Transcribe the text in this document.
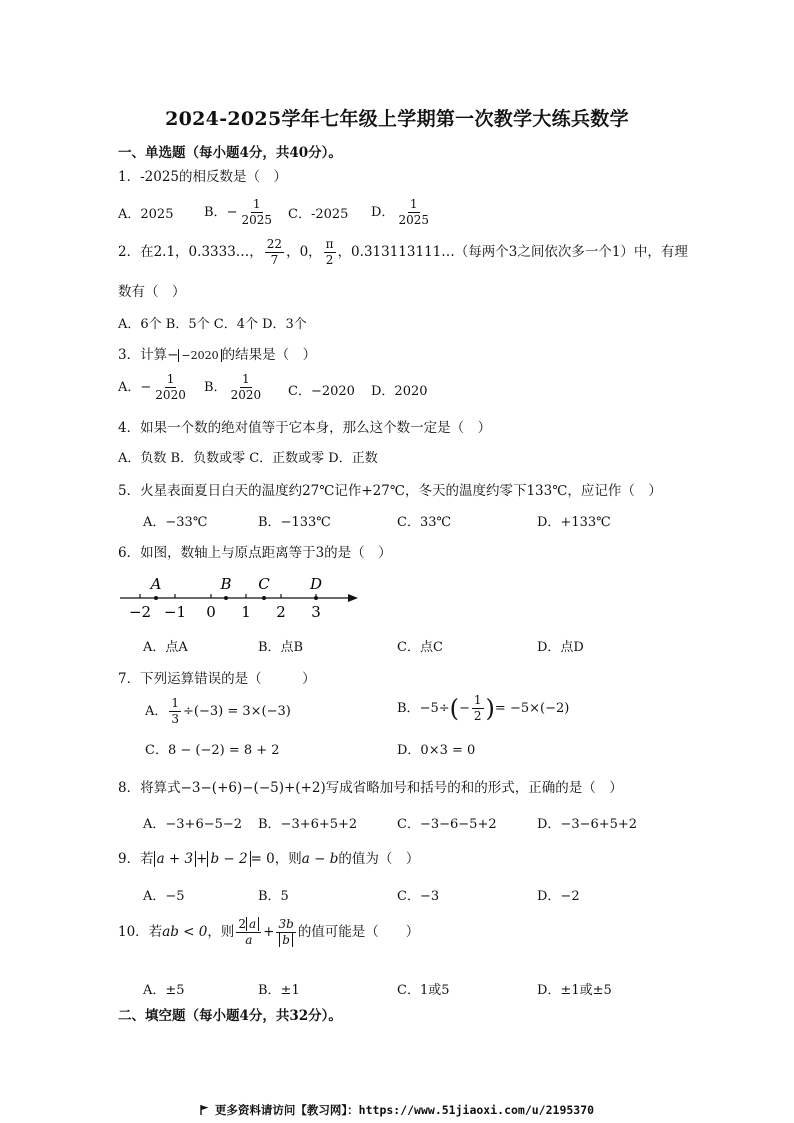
2024-2025学年七年级上学期第一次教学大练兵数学
一、单选题（每小题4分，共40分）。
1．-2025的相反数是（　）
A．2025 B．− $\frac{1}{2025}$ C．-2025 D． $\frac{1}{2025}$
2．在2.1，0.3333…， $\frac{22}{7}$ ，0， $\frac{\pi}{2}$ ，0.313113111…（每两个3之间依次多一个1）中，有理
数有（　）
A．6个 B．5个 C．4个 D．3个
3．计算− −2020 的结果是（　）
A．− $\frac{1}{2020}$ B． $\frac{1}{2020}$ C．−2020 D．2020
4．如果一个数的绝对值等于它本身，那么这个数一定是（　）
A．负数 B．负数或零 C．正数或零 D．正数
5．火星表面夏日白天的温度约27℃记作+27℃，冬天的温度约零下133℃，应记作（　）
A．−33℃	B．−133℃	C．33℃	D．+133℃
6．如图，数轴上与原点距离等于3的是（　）
−2 −1 0 1 2 3
A	B C	D
A．点A	B．点B	C．点C	D．点D
7．下列运算错误的是（　　　）
A． $\frac{1}{3} \div(-3) = 3\times(-3)$	B．$-5\div(- \frac{1}{2}$ )= −5×(−2)
C．8 − (−2) = 8 + 2	D．0×3 = 0
8．将算式−3−(+6)−(−5)+(+2)写成省略加号和括号的和的形式，正确的是（　）
A．−3+6−5−2 B．−3+6+5+2	C．−3−6−5+2	D．−3−6+5+2
9．若 a + 3 + b − 2 = 0，则a − b的值为（　）
A．−5	B．5	C．−3	D．−2
10．若ab < 0，则 $\frac{2 a}{a} + \frac{3b}{b}$ 的值可能是（　　）
A．±5	B．±1	C．1或5	D．±1或±5
二、填空题（每小题4分，共32分）。
更多资料请访问【教习网】：https://www.51jiaoxi.com/u/2195370
